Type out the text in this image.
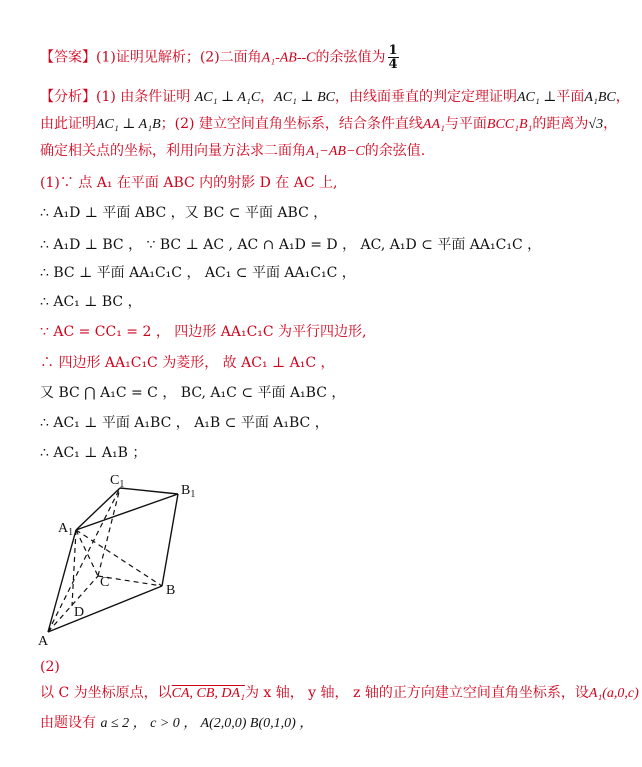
【答案】(1)证明见解析；(2)二面角A₁-AB--C的余弦值为 $\frac{1}{4}$
【分析】(1) 由条件证明 AC₁ ⊥ A₁C，AC₁ ⊥ BC，由线面垂直的判定定理证明AC₁ ⊥平面A₁BC，
由此证明AC₁ ⊥ A₁B；(2) 建立空间直角坐标系，结合条件直线AA₁与平面BCC₁B₁的距离为√3，
确定相关点的坐标，利用向量方法求二面角A₁−AB−C的余弦值.
(1)∵ 点 A₁ 在平面 ABC 内的射影 D 在 AC 上,
∴ A₁D ⊥ 平面 ABC ，又 BC ⊂ 平面 ABC ，
∴ A₁D ⊥ BC ， ∵ BC ⊥ AC , AC ∩ A₁D = D ， AC, A₁D ⊂ 平面 AA₁C₁C ，
∴ BC ⊥ 平面 AA₁C₁C ， AC₁ ⊂ 平面 AA₁C₁C ，
∴ AC₁ ⊥ BC ，
∵ AC = CC₁ = 2 ， 四边形 AA₁C₁C 为平行四边形,
∴ 四边形 AA₁C₁C 为菱形， 故 AC₁ ⊥ A₁C ，
又 BC ⋂ A₁C = C ， BC, A₁C ⊂ 平面 A₁BC ，
∴ AC₁ ⊥ 平面 A₁BC ， A₁B ⊂ 平面 A₁BC ，
∴ AC₁ ⊥ A₁B ；
$C_1$	$B_1$
$A_1$
C
B
D
A
(2)
以 C 为坐标原点，以CA, CB, DA₁为 x 轴， y 轴， z 轴的正方向建立空间直角坐标系，设A₁(a,0,c)
由题设有 a ≤ 2 ， c > 0 ， A(2,0,0) B(0,1,0) ，
